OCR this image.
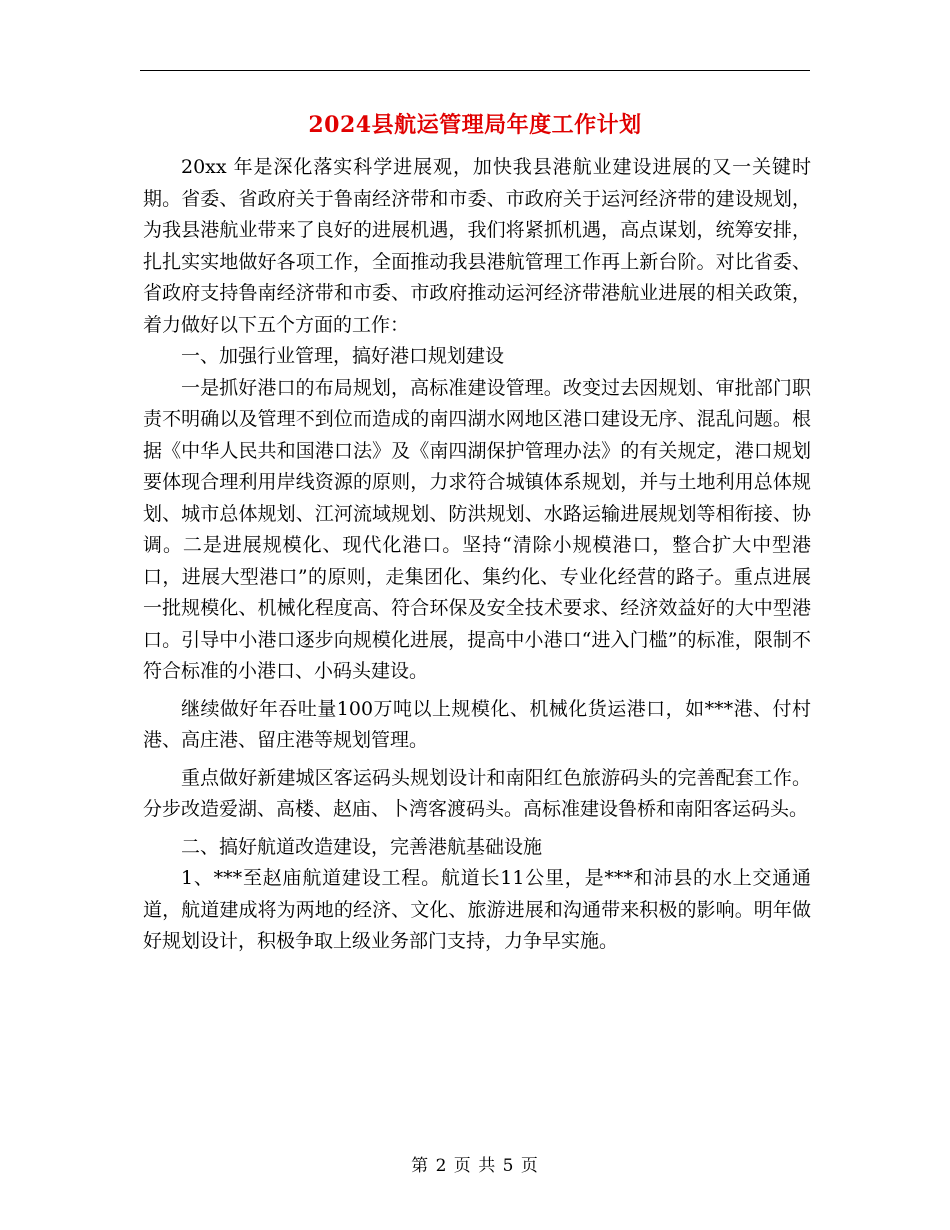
2024县航运管理局年度工作计划

20xx 年是深化落实科学进展观，加快我县港航业建设进展的又一关键时期。省委、省政府关于鲁南经济带和市委、市政府关于运河经济带的建设规划，为我县港航业带来了良好的进展机遇，我们将紧抓机遇，高点谋划，统筹安排，扎扎实实地做好各项工作，全面推动我县港航管理工作再上新台阶。对比省委、省政府支持鲁南经济带和市委、市政府推动运河经济带港航业进展的相关政策，着力做好以下五个方面的工作：

一、加强行业管理，搞好港口规划建设

一是抓好港口的布局规划，高标准建设管理。改变过去因规划、审批部门职责不明确以及管理不到位而造成的南四湖水网地区港口建设无序、混乱问题。根据《中华人民共和国港口法》及《南四湖保护管理办法》的有关规定，港口规划要体现合理利用岸线资源的原则，力求符合城镇体系规划，并与土地利用总体规划、城市总体规划、江河流域规划、防洪规划、水路运输进展规划等相衔接、协调。二是进展规模化、现代化港口。坚持“清除小规模港口，整合扩大中型港口，进展大型港口”的原则，走集团化、集约化、专业化经营的路子。重点进展一批规模化、机械化程度高、符合环保及安全技术要求、经济效益好的大中型港口。引导中小港口逐步向规模化进展，提高中小港口“进入门槛”的标准，限制不符合标准的小港口、小码头建设。

继续做好年吞吐量100万吨以上规模化、机械化货运港口，如***港、付村港、高庄港、留庄港等规划管理。

重点做好新建城区客运码头规划设计和南阳红色旅游码头的完善配套工作。分步改造爱湖、高楼、赵庙、卜湾客渡码头。高标准建设鲁桥和南阳客运码头。

二、搞好航道改造建设，完善港航基础设施

1、***至赵庙航道建设工程。航道长11公里，是***和沛县的水上交通通道，航道建成将为两地的经济、文化、旅游进展和沟通带来积极的影响。明年做好规划设计，积极争取上级业务部门支持，力争早实施。

第 2 页 共 5 页
